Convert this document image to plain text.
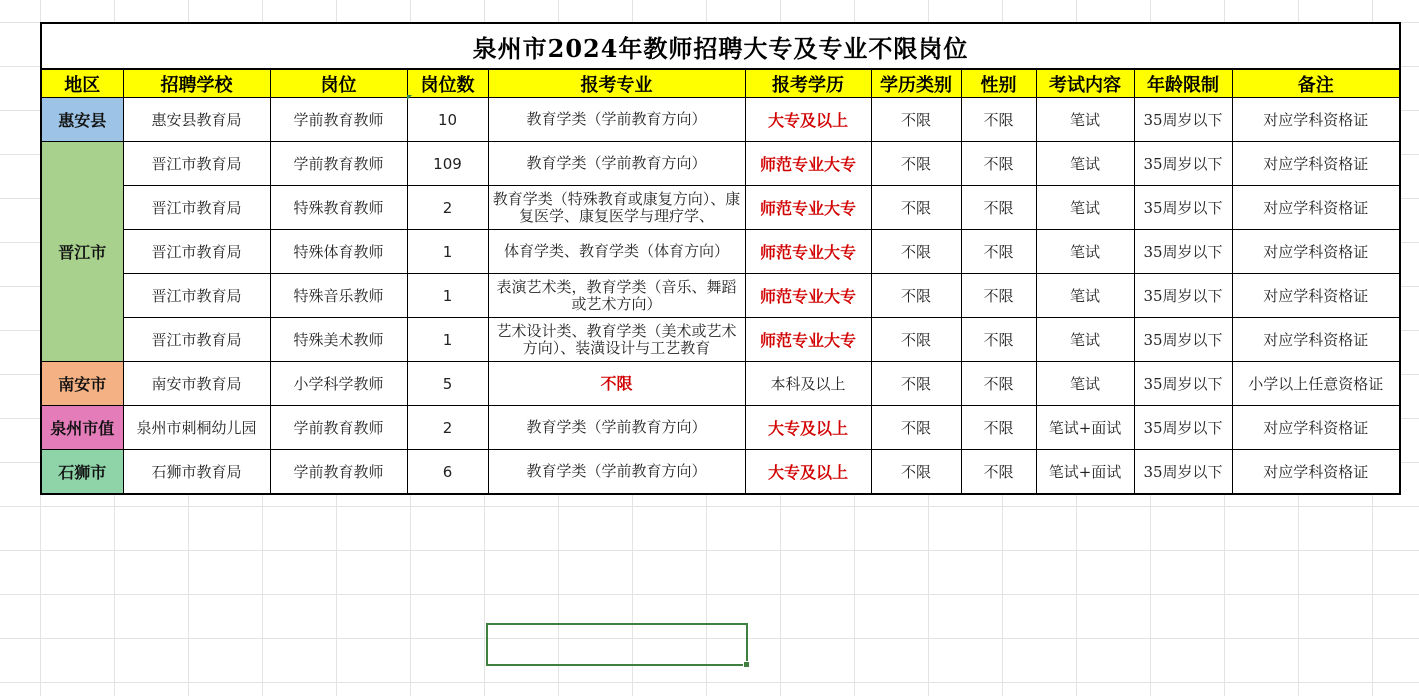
泉州市2024年教师招聘大专及专业不限岗位										
地区	招聘学校	岗位	岗位数	报考专业	报考学历	学历类别	性别	考试内容	年龄限制	备注
惠安县	惠安县教育局	学前教育教师	10	教育学类（学前教育方向）	大专及以上	不限	不限	笔试	35周岁以下	对应学科资格证
晋江市	晋江市教育局	学前教育教师	109	教育学类（学前教育方向）	师范专业大专	不限	不限	笔试	35周岁以下	对应学科资格证
	晋江市教育局	特殊教育教师	2	教育学类（特殊教育或康复方向）、康复医学、康复医学与理疗学、	师范专业大专	不限	不限	笔试	35周岁以下	对应学科资格证
	晋江市教育局	特殊体育教师	1	体育学类、教育学类（体育方向）	师范专业大专	不限	不限	笔试	35周岁以下	对应学科资格证
	晋江市教育局	特殊音乐教师	1	表演艺术类，教育学类（音乐、舞蹈或艺术方向）	师范专业大专	不限	不限	笔试	35周岁以下	对应学科资格证
	晋江市教育局	特殊美术教师	1	艺术设计类、教育学类（美术或艺术方向）、装潢设计与工艺教育	师范专业大专	不限	不限	笔试	35周岁以下	对应学科资格证
南安市	南安市教育局	小学科学教师	5	不限	本科及以上	不限	不限	笔试	35周岁以下	小学以上任意资格证
泉州市值	泉州市刺桐幼儿园	学前教育教师	2	教育学类（学前教育方向）	大专及以上	不限	不限	笔试+面试	35周岁以下	对应学科资格证
石狮市	石狮市教育局	学前教育教师	6	教育学类（学前教育方向）	大专及以上	不限	不限	笔试+面试	35周岁以下	对应学科资格证
